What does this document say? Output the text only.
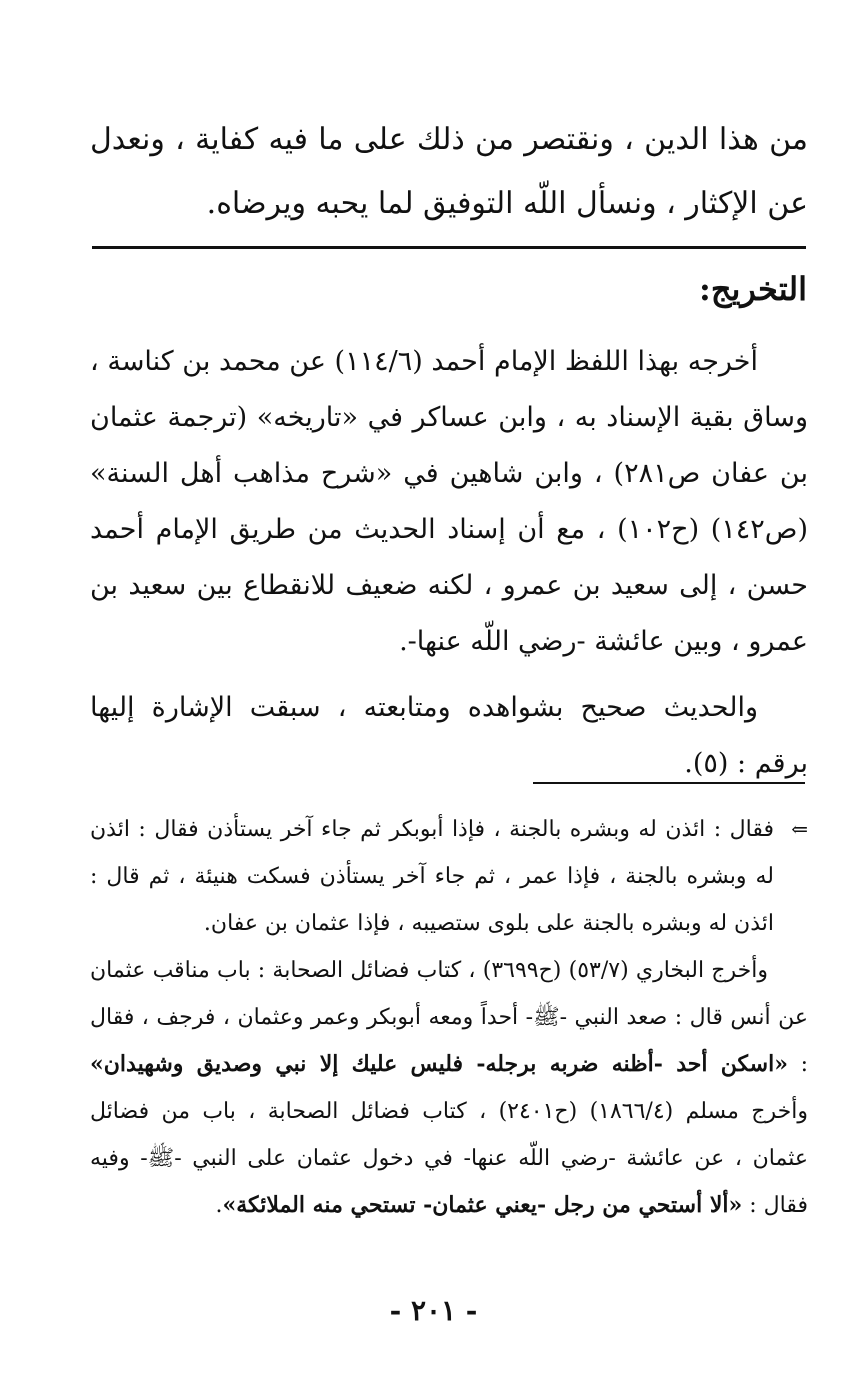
من هذا الدين ، ونقتصر من ذلك على ما فيه كفاية ، ونعدل عن الإكثار ، ونسأل اللّه التوفيق لما يحبه ويرضاه.

التخريج:

أخرجه بهذا اللفظ الإمام أحمد (١١٤/٦) عن محمد بن كناسة ، وساق بقية الإسناد به ، وابن عساكر في «تاريخه» (ترجمة عثمان بن عفان ص٢٨١) ، وابن شاهين في «شرح مذاهب أهل السنة» (ص١٤٢) (ح١٠٢) ، مع أن إسناد الحديث من طريق الإمام أحمد حسن ، إلى سعيد بن عمرو ، لكنه ضعيف للانقطاع بين سعيد بن عمرو ، وبين عائشة -رضي اللّه عنها-.

والحديث صحيح بشواهده ومتابعته ، سبقت الإشارة إليها برقم : (٥).

⇐
فقال : ائذن له وبشره بالجنة ، فإذا أبوبكر ثم جاء آخر يستأذن فقال : ائذن له وبشره بالجنة ، فإذا عمر ، ثم جاء آخر يستأذن فسكت هنيئة ، ثم قال : ائذن له وبشره بالجنة على بلوى ستصيبه ، فإذا عثمان بن عفان.

وأخرج البخاري (٥٣/٧) (ح٣٦٩٩) ، كتاب فضائل الصحابة : باب مناقب عثمان عن أنس قال : صعد النبي -ﷺ- أحداً ومعه أبوبكر وعمر وعثمان ، فرجف ، فقال : «اسكن أحد -أظنه ضربه برجله- فليس عليك إلا نبي وصديق وشهيدان» وأخرج مسلم (١٨٦٦/٤) (ح٢٤٠١) ، كتاب فضائل الصحابة ، باب من فضائل عثمان ، عن عائشة -رضي اللّه عنها- في دخول عثمان على النبي -ﷺ- وفيه فقال : «ألا أستحي من رجل -يعني عثمان- تستحي منه الملائكة».

- ٢٠١ -
